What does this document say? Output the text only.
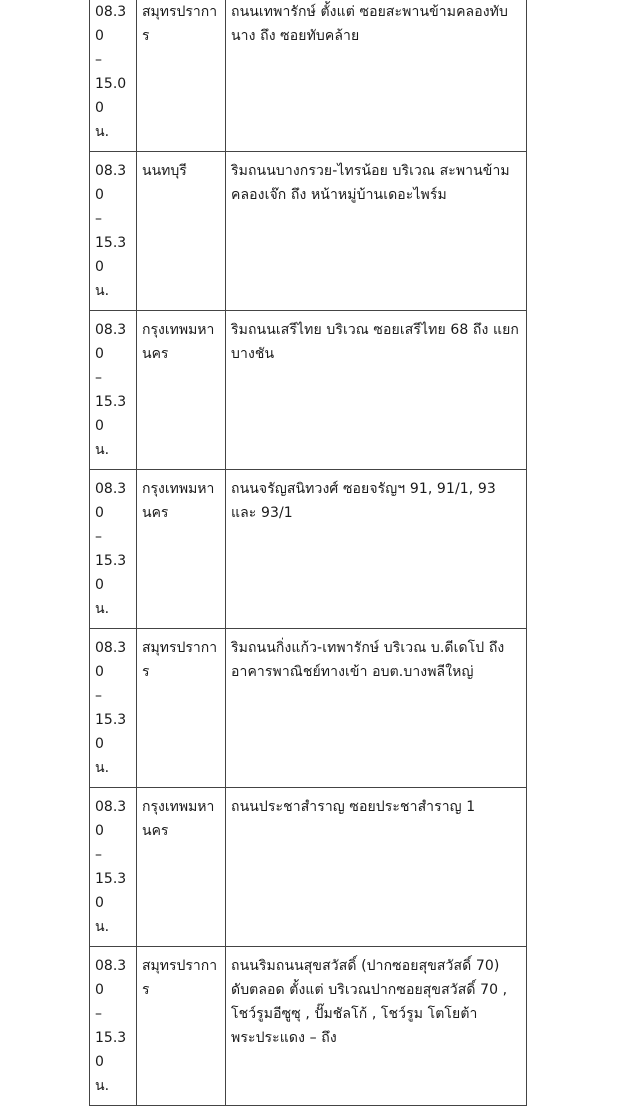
08.30
–
15.00
น.	สมุทรปราการ	ถนนเทพารักษ์ ตั้งแต่ ซอยสะพานข้ามคลองทับนาง ถึง ซอยทับคล้าย

08.30
–
15.30
น.	นนทบุรี	ริมถนนบางกรวย-ไทรน้อย บริเวณ สะพานข้ามคลองเจ๊ก ถึง หน้าหมู่บ้านเดอะไพร์ม

08.30
–
15.30
น.	กรุงเทพมหานคร	ริมถนนเสรีไทย บริเวณ ซอยเสรีไทย 68 ถึง แยกบางชัน

08.30
–
15.30
น.	กรุงเทพมหานคร	ถนนจรัญสนิทวงศ์ ซอยจรัญฯ 91, 91/1, 93 และ 93/1

08.30
–
15.30
น.	สมุทรปราการ	ริมถนนกิ่งแก้ว-เทพารักษ์ บริเวณ บ.ดีเดโป ถึง อาคารพาณิชย์ทางเข้า อบต.บางพลีใหญ่

08.30
–
15.30
น.	กรุงเทพมหานคร	ถนนประชาสำราญ ซอยประชาสำราญ 1

08.30
–
15.30
น.	สมุทรปราการ	ถนนริมถนนสุขสวัสดิ์ (ปากซอยสุขสวัสดิ์ 70) ดับตลอด ตั้งแต่ บริเวณปากซอยสุขสวัสดิ์ 70 , โชว์รูมอีซูซุ , ปั๊มชัลโก้ , โชว์รูม โตโยต้า พระประแดง – ถึง
